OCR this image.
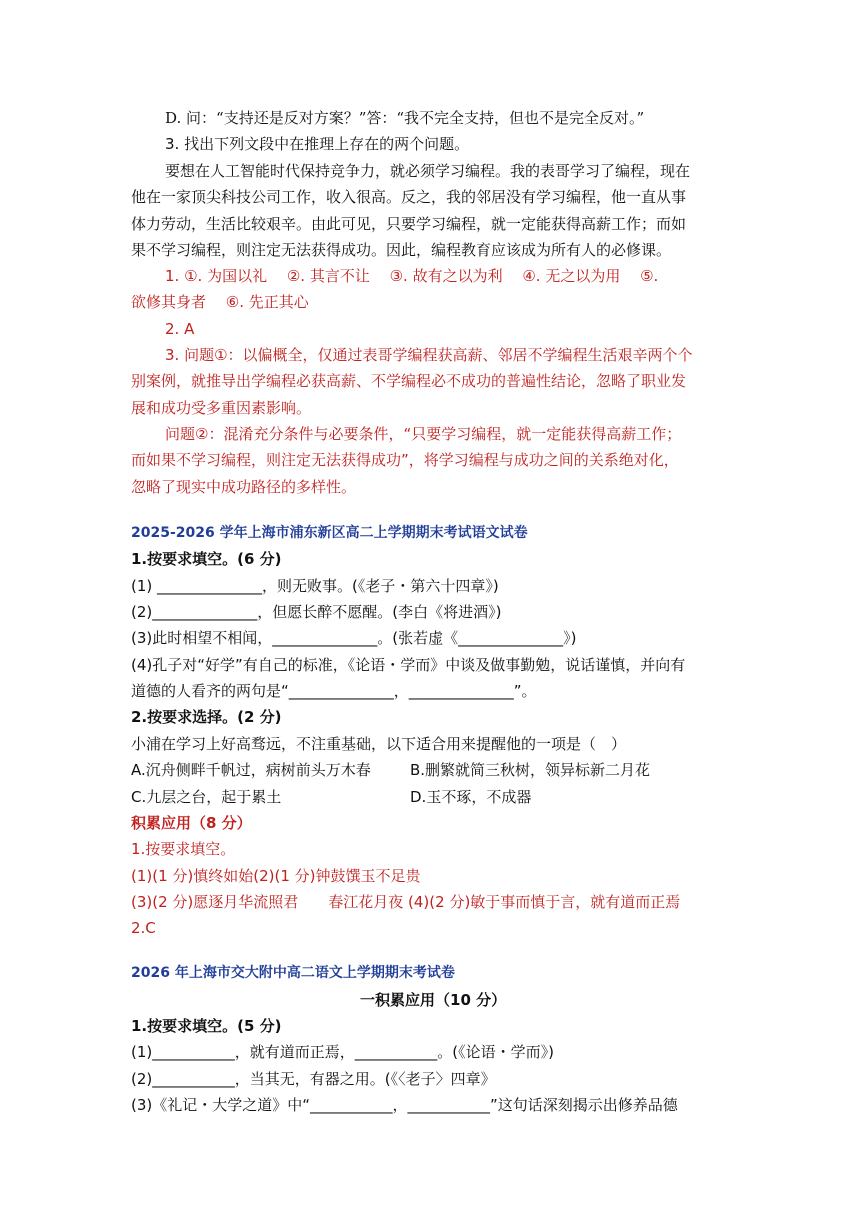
D. 问：“支持还是反对方案？”答：“我不完全支持，但也不是完全反对。”
3. 找出下列文段中在推理上存在的两个问题。
要想在人工智能时代保持竞争力，就必须学习编程。我的表哥学习了编程，现在
他在一家顶尖科技公司工作，收入很高。反之，我的邻居没有学习编程，他一直从事
体力劳动，生活比较艰辛。由此可见，只要学习编程，就一定能获得高薪工作；而如
果不学习编程，则注定无法获得成功。因此，编程教育应该成为所有人的必修课。
1. ①. 为国以礼　 ②. 其言不让　 ③. 故有之以为利　 ④. 无之以为用　 ⑤.
欲修其身者　 ⑥. 先正其心
2. A
3. 问题①：以偏概全，仅通过表哥学编程获高薪、邻居不学编程生活艰辛两个个
别案例，就推导出学编程必获高薪、不学编程必不成功的普遍性结论，忽略了职业发
展和成功受多重因素影响。
问题②：混淆充分条件与必要条件，“只要学习编程，就一定能获得高薪工作；
而如果不学习编程，则注定无法获得成功”，将学习编程与成功之间的关系绝对化，
忽略了现实中成功路径的多样性。
2025-2026 学年上海市浦东新区高二上学期期末考试语文试卷
1.按要求填空。(6 分)
(1) ______________，则无败事。(《老子・第六十四章》)
(2)______________，但愿长醉不愿醒。(李白《将进酒》)
(3)此时相望不相闻，______________。(张若虚《______________》)
(4)孔子对“好学”有自己的标准，《论语・学而》中谈及做事勤勉，说话谨慎，并向有
道德的人看齐的两句是“______________，______________”。
2.按要求选择。(2 分)
小浦在学习上好高骛远，不注重基础，以下适合用来提醒他的一项是（　）
A.沉舟侧畔千帆过，病树前头万木春	B.删繁就简三秋树，领异标新二月花
C.九层之台，起于累土	D.玉不琢，不成器
积累应用（8 分）
1.按要求填空。
(1)(1 分)慎终如始(2)(1 分)钟鼓馔玉不足贵
(3)(2 分)愿逐月华流照君　　春江花月夜 (4)(2 分)敏于事而慎于言，就有道而正焉
2.C
2026 年上海市交大附中高二语文上学期期末考试卷
一积累应用（10 分）
1.按要求填空。(5 分)
(1)___________，就有道而正焉，___________。(《论语・学而》)
(2)___________，当其无，有器之用。(《〈老子〉四章》
(3)《礼记・大学之道》中“___________，___________”这句话深刻揭示出修养品德
